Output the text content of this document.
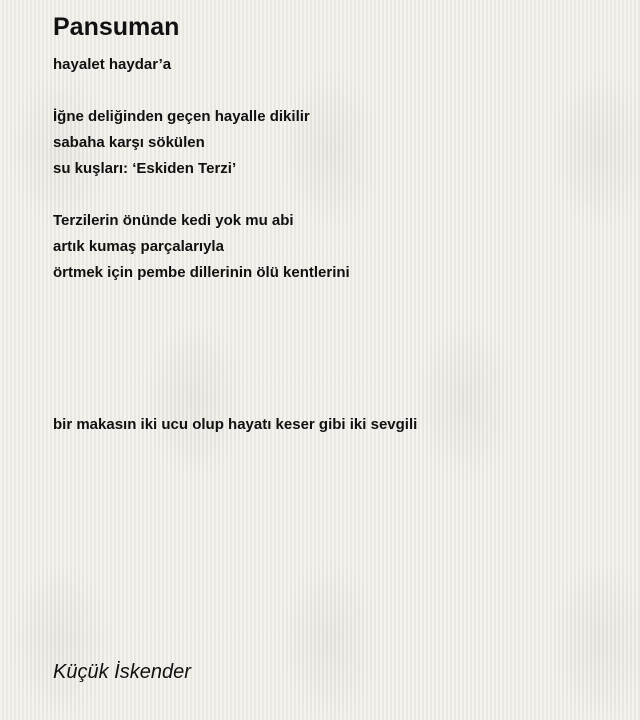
Pansuman
hayalet haydar’a
İğne deliğinden geçen hayalle dikilir
sabaha karşı sökülen
su kuşları: ‘Eskiden Terzi’
Terzilerin önünde kedi yok mu abi
artık kumaş parçalarıyla
örtmek için pembe dillerinin ölü kentlerini
bir makasın iki ucu olup hayatı keser gibi iki sevgili
Küçük İskender
